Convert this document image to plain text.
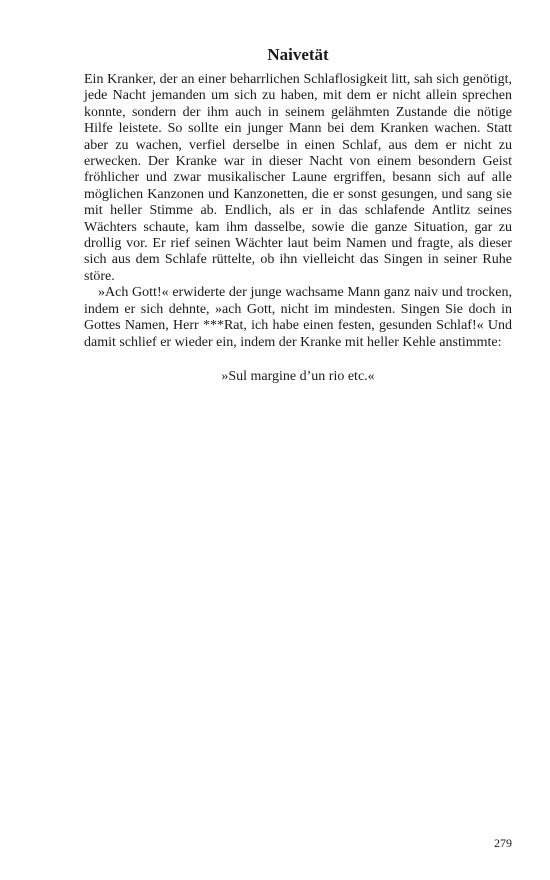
Naivetät

Ein Kranker, der an einer beharrlichen Schlaflosigkeit litt, sah sich genötigt, jede Nacht jemanden um sich zu haben, mit dem er nicht allein sprechen konnte, sondern der ihm auch in seinem gelähmten Zustande die nötige Hilfe leistete. So sollte ein junger Mann bei dem Kranken wachen. Statt aber zu wachen, verfiel derselbe in einen Schlaf, aus dem er nicht zu erwecken. Der Kranke war in dieser Nacht von einem besondern Geist fröhlicher und zwar musikalischer Laune ergriffen, besann sich auf alle möglichen Kanzonen und Kanzonetten, die er sonst gesungen, und sang sie mit heller Stimme ab. Endlich, als er in das schlafende Antlitz seines Wächters schaute, kam ihm dasselbe, sowie die ganze Situation, gar zu drollig vor. Er rief seinen Wächter laut beim Namen und fragte, als dieser sich aus dem Schlafe rüttelte, ob ihn vielleicht das Singen in seiner Ruhe störe.

»Ach Gott!« erwiderte der junge wachsame Mann ganz naiv und trocken, indem er sich dehnte, »ach Gott, nicht im mindesten. Singen Sie doch in Gottes Namen, Herr ***Rat, ich habe einen festen, gesunden Schlaf!« Und damit schlief er wieder ein, indem der Kranke mit heller Kehle anstimmte:

»Sul margine d’un rio etc.«

279
